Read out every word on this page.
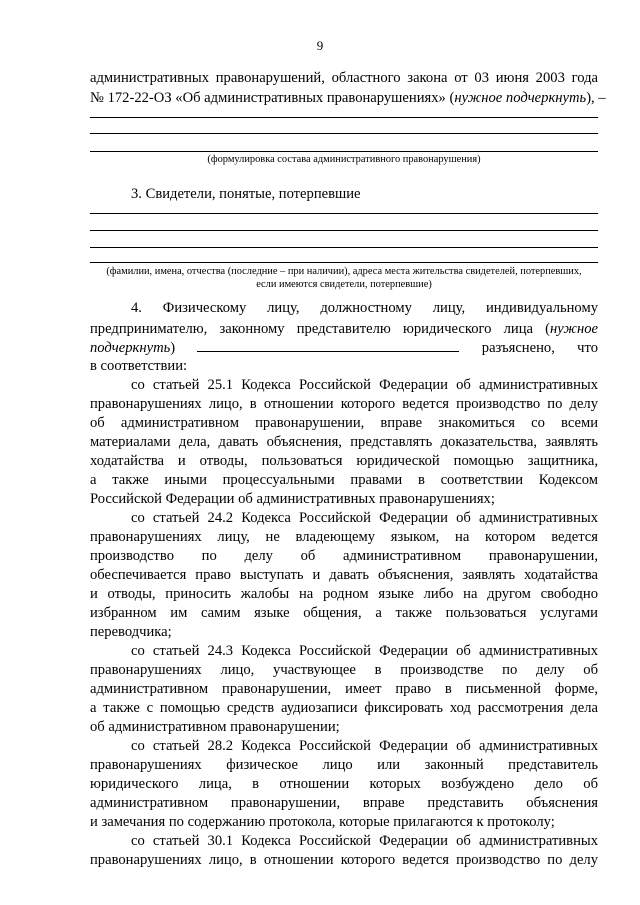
9
административных правонарушений, областного закона от 03 июня 2003 года
№ 172-22-ОЗ «Об административных правонарушениях» (нужное подчеркнуть), –
(формулировка состава административного правонарушения)
3. Свидетели, понятые, потерпевшие
(фамилии, имена, отчества (последние – при наличии), адреса места жительства свидетелей, потерпевших,
если имеются свидетели, потерпевшие)
4. Физическому лицу, должностному лицу, индивидуальному
предпринимателю, законному представителю юридического лица (нужное
подчеркнуть)	разъяснено, что
в соответствии:
со статьей 25.1 Кодекса Российской Федерации об административных
правонарушениях лицо, в отношении которого ведется производство по делу
об административном правонарушении, вправе знакомиться со всеми
материалами дела, давать объяснения, представлять доказательства, заявлять
ходатайства и отводы, пользоваться юридической помощью защитника,
а также иными процессуальными правами в соответствии Кодексом
Российской Федерации об административных правонарушениях;
со статьей 24.2 Кодекса Российской Федерации об административных
правонарушениях лицу, не владеющему языком, на котором ведется
производство по делу об административном правонарушении,
обеспечивается право выступать и давать объяснения, заявлять ходатайства
и отводы, приносить жалобы на родном языке либо на другом свободно
избранном им самим языке общения, а также пользоваться услугами
переводчика;
со статьей 24.3 Кодекса Российской Федерации об административных
правонарушениях лицо, участвующее в производстве по делу об
административном правонарушении, имеет право в письменной форме,
а также с помощью средств аудиозаписи фиксировать ход рассмотрения дела
об административном правонарушении;
со статьей 28.2 Кодекса Российской Федерации об административных
правонарушениях физическое лицо или законный представитель
юридического лица, в отношении которых возбуждено дело об
административном правонарушении, вправе представить объяснения
и замечания по содержанию протокола, которые прилагаются к протоколу;
со статьей 30.1 Кодекса Российской Федерации об административных
правонарушениях лицо, в отношении которого ведется производство по делу
